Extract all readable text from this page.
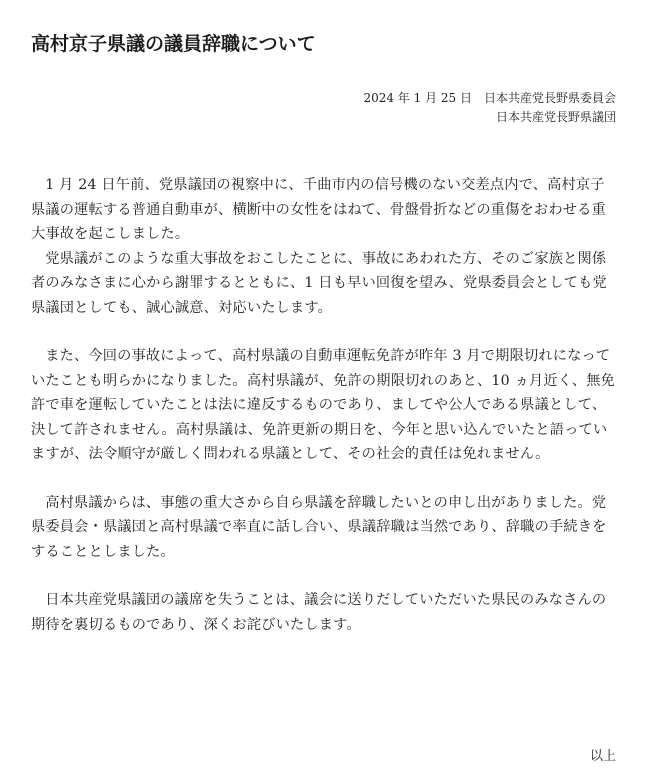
高村京子県議の議員辞職について
2024 年 1 月 25 日 日本共産党長野県委員会
日本共産党長野県議団

1 月 24 日午前、党県議団の視察中に、千曲市内の信号機のない交差点内で、高村京子県議の運転する普通自動車が、横断中の女性をはねて、骨盤骨折などの重傷をおわせる重大事故を起こしました。

党県議がこのような重大事故をおこしたことに、事故にあわれた方、そのご家族と関係者のみなさまに心から謝罪するとともに、1 日も早い回復を望み、党県委員会としても党県議団としても、誠心誠意、対応いたします。

また、今回の事故によって、高村県議の自動車運転免許が昨年 3 月で期限切れになっていたことも明らかになりました。高村県議が、免許の期限切れのあと、10 ヵ月近く、無免許で車を運転していたことは法に違反するものであり、ましてや公人である県議として、決して許されません。高村県議は、免許更新の期日を、今年と思い込んでいたと語っていますが、法令順守が厳しく問われる県議として、その社会的責任は免れません。

高村県議からは、事態の重大さから自ら県議を辞職したいとの申し出がありました。党県委員会・県議団と高村県議で率直に話し合い、県議辞職は当然であり、辞職の手続きをすることとしました。

日本共産党県議団の議席を失うことは、議会に送りだしていただいた県民のみなさんの期待を裏切るものであり、深くお詫びいたします。

以上
